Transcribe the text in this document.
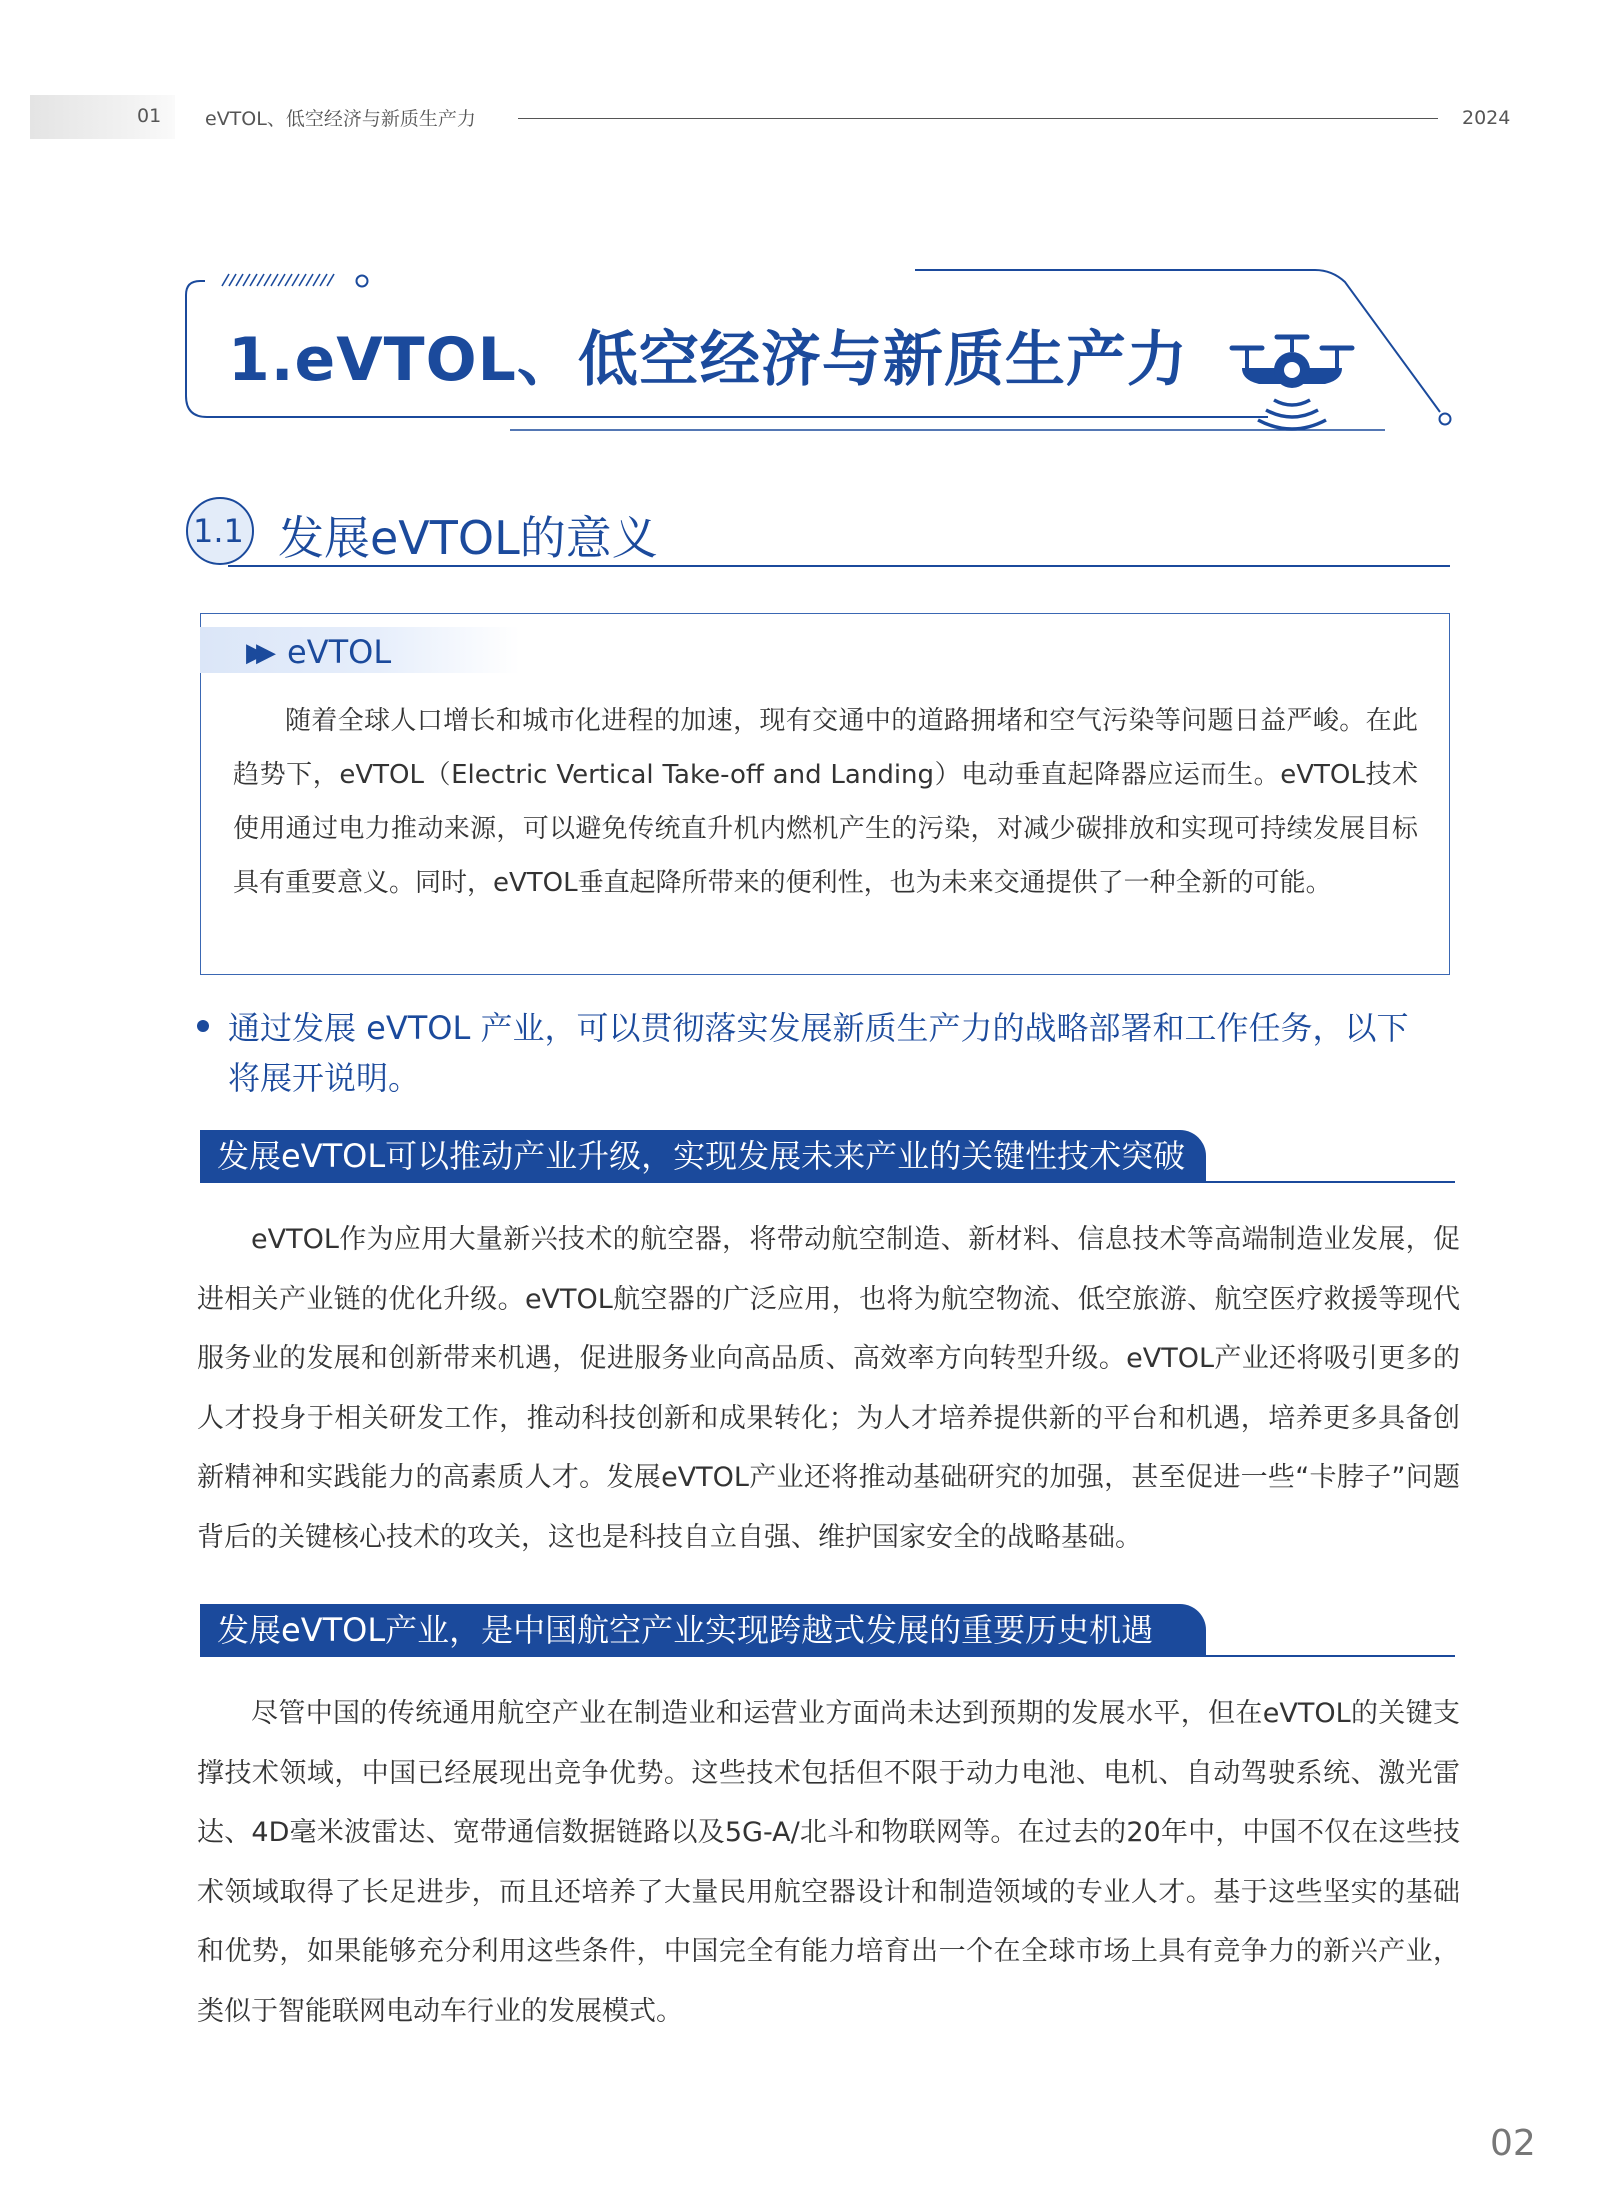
01 eVTOL、低空经济与新质生产力	2024
1.eVTOL、低空经济与新质生产力
1.1 发展eVTOL的意义
▶▶ eVTOL
随着全球人口增长和城市化进程的加速，现有交通中的道路拥堵和空气污染等问题日益严峻。在此趋势下，eVTOL（Electric Vertical Take-off and Landing）电动垂直起降器应运而生。eVTOL技术使用通过电力推动来源，可以避免传统直升机内燃机产生的污染，对减少碳排放和实现可持续发展目标具有重要意义。同时，eVTOL垂直起降所带来的便利性，也为未来交通提供了一种全新的可能。
通过发展 eVTOL 产业，可以贯彻落实发展新质生产力的战略部署和工作任务，以下将展开说明。
发展eVTOL可以推动产业升级，实现发展未来产业的关键性技术突破
eVTOL作为应用大量新兴技术的航空器，将带动航空制造、新材料、信息技术等高端制造业发展，促进相关产业链的优化升级。eVTOL航空器的广泛应用，也将为航空物流、低空旅游、航空医疗救援等现代服务业的发展和创新带来机遇，促进服务业向高品质、高效率方向转型升级。eVTOL产业还将吸引更多的人才投身于相关研发工作，推动科技创新和成果转化；为人才培养提供新的平台和机遇，培养更多具备创新精神和实践能力的高素质人才。发展eVTOL产业还将推动基础研究的加强，甚至促进一些“卡脖子”问题背后的关键核心技术的攻关，这也是科技自立自强、维护国家安全的战略基础。
发展eVTOL产业，是中国航空产业实现跨越式发展的重要历史机遇
尽管中国的传统通用航空产业在制造业和运营业方面尚未达到预期的发展水平，但在eVTOL的关键支撑技术领域，中国已经展现出竞争优势。这些技术包括但不限于动力电池、电机、自动驾驶系统、激光雷达、4D毫米波雷达、宽带通信数据链路以及5G-A/北斗和物联网等。在过去的20年中，中国不仅在这些技术领域取得了长足进步，而且还培养了大量民用航空器设计和制造领域的专业人才。基于这些坚实的基础和优势，如果能够充分利用这些条件，中国完全有能力培育出一个在全球市场上具有竞争力的新兴产业，类似于智能联网电动车行业的发展模式。
02
